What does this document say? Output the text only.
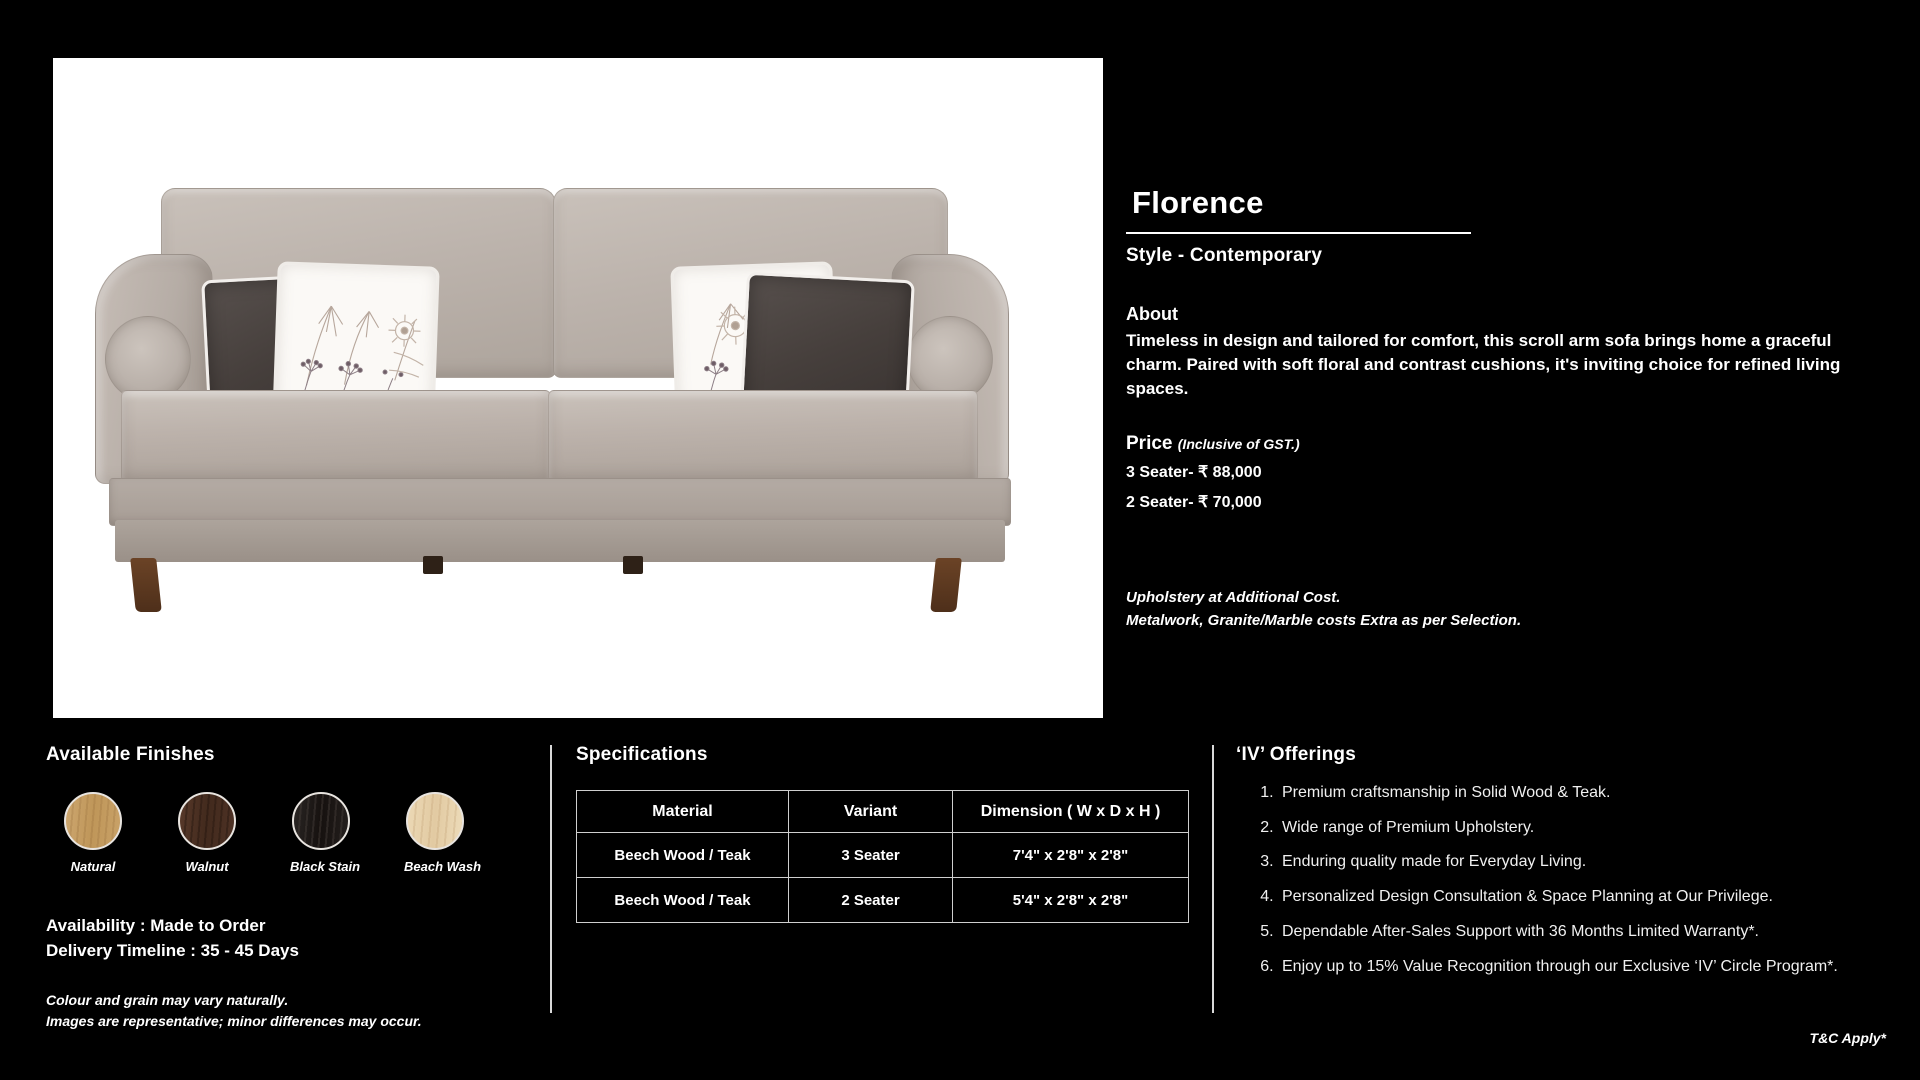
Florence
Style - Contemporary
About
Timeless in design and tailored for comfort, this scroll arm sofa brings home a graceful charm. Paired with soft floral and contrast cushions, it's inviting choice for refined living spaces.
Price (Inclusive of GST.)
3 Seater- ₹ 88,000
2 Seater- ₹ 70,000
Upholstery at Additional Cost.
Metalwork, Granite/Marble costs Extra as per Selection.
Available Finishes
Natural	Walnut	Black Stain	Beach Wash
Availability : Made to Order
Delivery Timeline : 35 - 45 Days
Colour and grain may vary naturally.
Images are representative; minor differences may occur.
Specifications
Material	Variant	Dimension ( W x D x H )
Beech Wood / Teak	3 Seater	7'4" x 2'8" x 2'8"
Beech Wood / Teak	2 Seater	5'4" x 2'8" x 2'8"
‘IV’ Offerings
1. Premium craftsmanship in Solid Wood & Teak.
2. Wide range of Premium Upholstery.
3. Enduring quality made for Everyday Living.
4. Personalized Design Consultation & Space Planning at Our Privilege.
5. Dependable After-Sales Support with 36 Months Limited Warranty*.
6. Enjoy up to 15% Value Recognition through our Exclusive ‘IV’ Circle Program*.
T&C Apply*
